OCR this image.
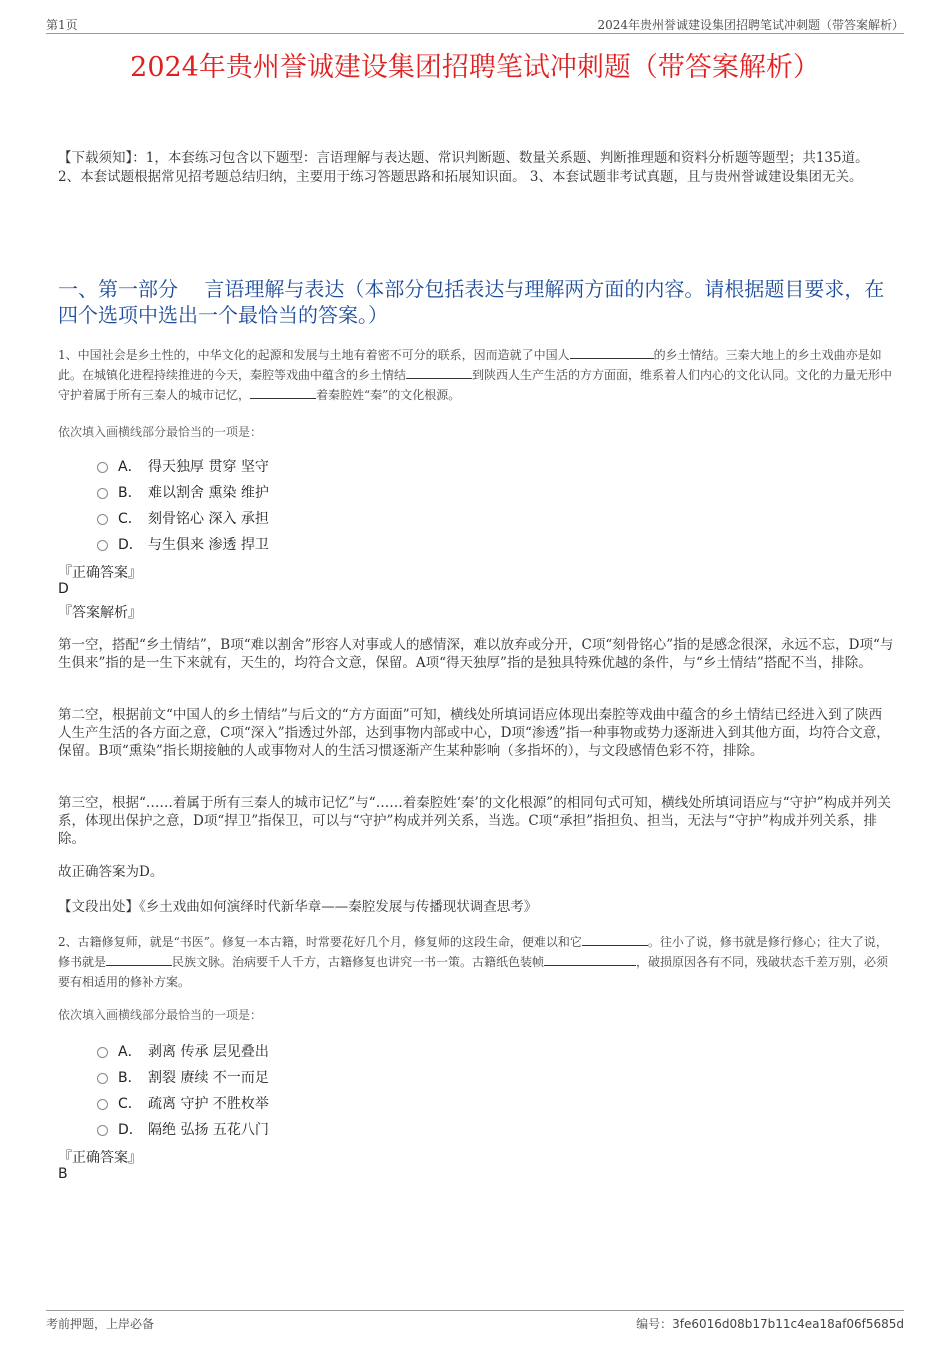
第1页	2024年贵州誉诚建设集团招聘笔试冲刺题（带答案解析）
2024年贵州誉诚建设集团招聘笔试冲刺题（带答案解析）
【下载须知】：1，本套练习包含以下题型：言语理解与表达题、常识判断题、数量关系题、判断推理题和资料分析题等题型；共135道。 2、本套试题根据常见招考题总结归纳，主要用于练习答题思路和拓展知识面。 3、本套试题非考试真题，且与贵州誉诚建设集团无关。
一、第一部分　 言语理解与表达（本部分包括表达与理解两方面的内容。请根据题目要求，在四个选项中选出一个最恰当的答案。）
1、中国社会是乡土性的，中华文化的起源和发展与土地有着密不可分的联系，因而造就了中国人	的乡土情结。三秦大地上的乡土戏曲亦是如此。在城镇化进程持续推进的今天，秦腔等戏曲中蕴含的乡土情结	到陕西人生产生活的方方面面，维系着人们内心的文化认同。文化的力量无形中守护着属于所有三秦人的城市记忆，	着秦腔姓“秦”的文化根源。
依次填入画横线部分最恰当的一项是：
A． 得天独厚 贯穿 坚守
B． 难以割舍 熏染 维护
C． 刻骨铭心 深入 承担
D． 与生俱来 渗透 捍卫
『正确答案』
D
『答案解析』
第一空，搭配“乡土情结”，B项“难以割舍”形容人对事或人的感情深，难以放弃或分开，C项“刻骨铭心”指的是感念很深，永远不忘，D项“与生俱来”指的是一生下来就有，天生的，均符合文意，保留。A项“得天独厚”指的是独具特殊优越的条件，与“乡土情结”搭配不当，排除。
第二空，根据前文“中国人的乡土情结”与后文的“方方面面”可知，横线处所填词语应体现出秦腔等戏曲中蕴含的乡土情结已经进入到了陕西人生产生活的各方面之意，C项“深入”指透过外部，达到事物内部或中心，D项“渗透”指一种事物或势力逐渐进入到其他方面，均符合文意，保留。B项“熏染”指长期接触的人或事物对人的生活习惯逐渐产生某种影响（多指坏的），与文段感情色彩不符，排除。
第三空，根据“……着属于所有三秦人的城市记忆”与“……着秦腔姓‘秦’的文化根源”的相同句式可知，横线处所填词语应与“守护”构成并列关系，体现出保护之意，D项“捍卫”指保卫，可以与“守护”构成并列关系，当选。C项“承担”指担负、担当，无法与“守护”构成并列关系，排除。
故正确答案为D。
【文段出处】《乡土戏曲如何演绎时代新华章——秦腔发展与传播现状调查思考》
2、古籍修复师，就是“书医”。修复一本古籍，时常要花好几个月，修复师的这段生命，便难以和它	。往小了说，修书就是修行修心；往大了说，修书就是	民族文脉。治病要千人千方，古籍修复也讲究一书一策。古籍纸色装帧	，破损原因各有不同，残破状态千差万别，必须要有相适用的修补方案。
依次填入画横线部分最恰当的一项是：
A． 剥离 传承 层见叠出
B． 割裂 赓续 不一而足
C． 疏离 守护 不胜枚举
D． 隔绝 弘扬 五花八门
『正确答案』
B
考前押题，上岸必备	编号：3fe6016d08b17b11c4ea18af06f5685d
